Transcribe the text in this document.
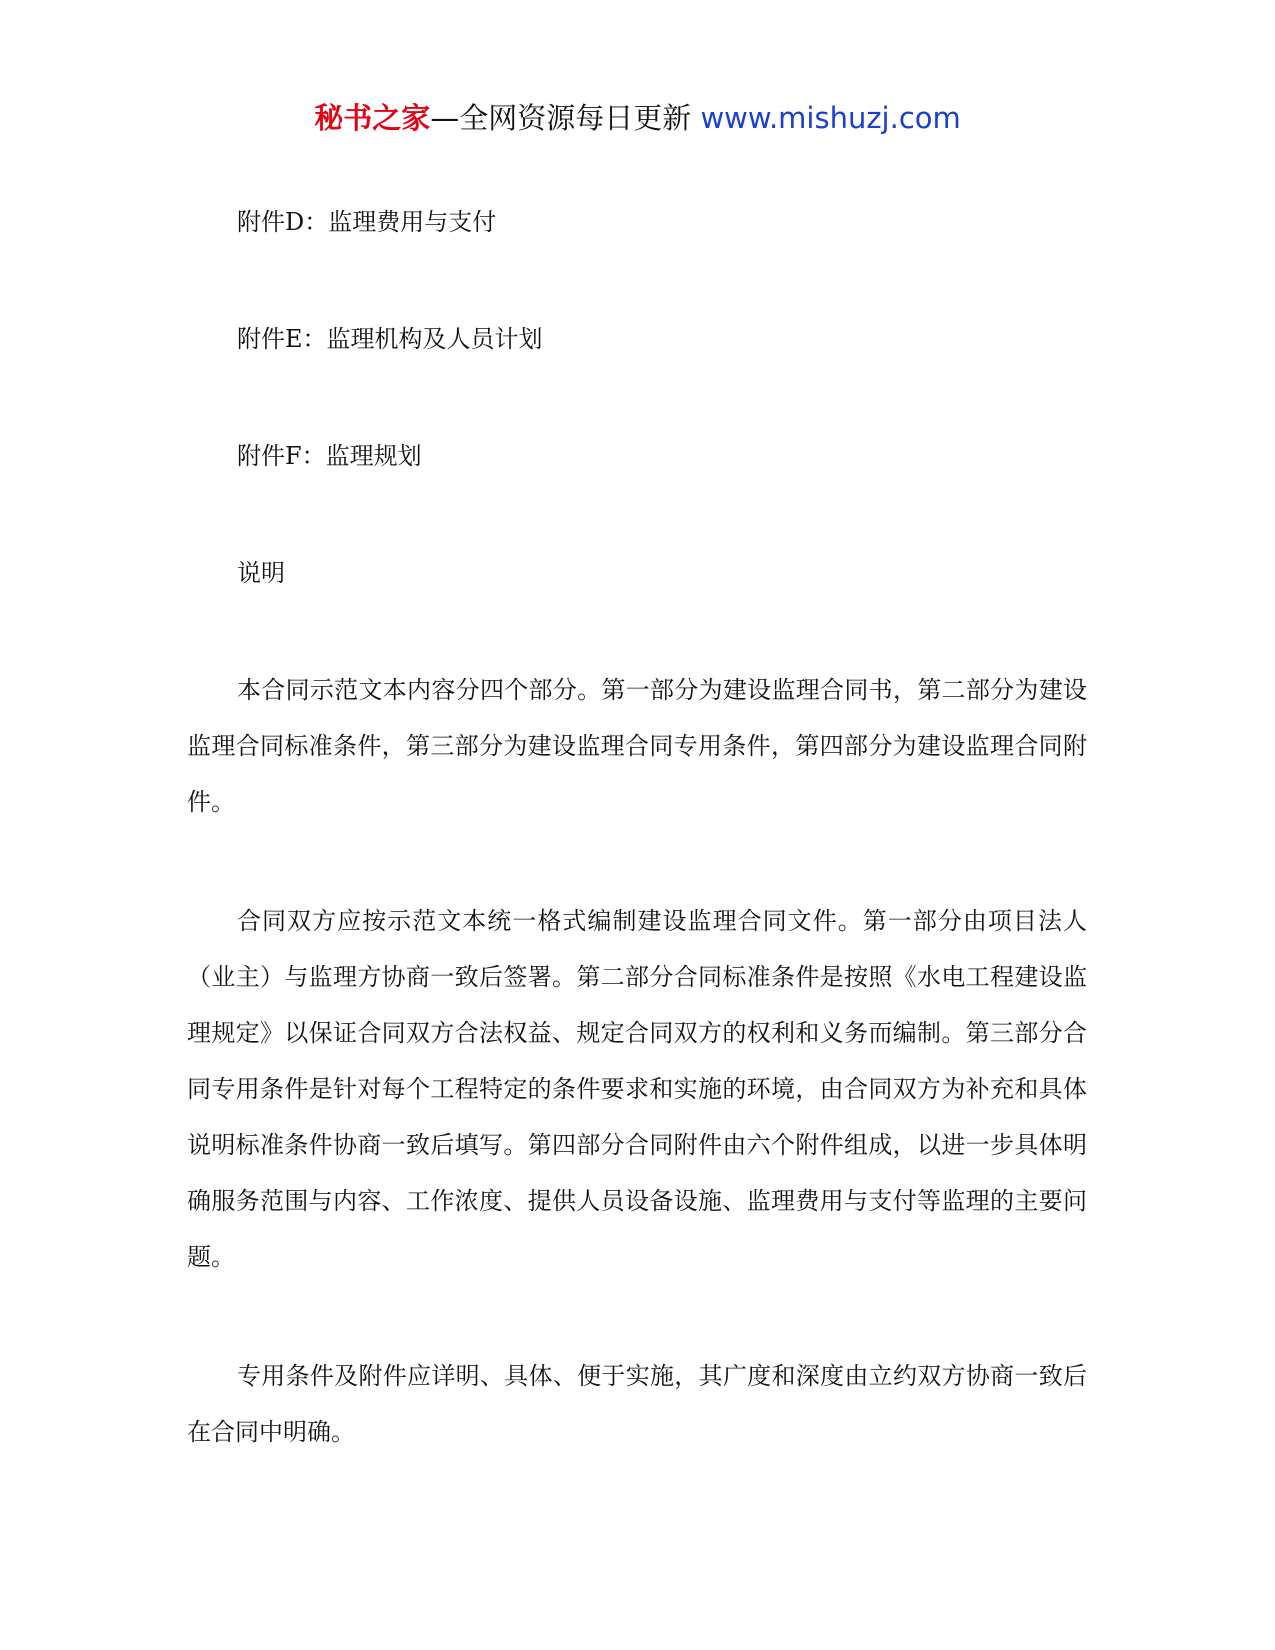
秘书之家—全网资源每日更新 www.mishuzj.com

附件D：监理费用与支付

附件E：监理机构及人员计划

附件F：监理规划

说明

本合同示范文本内容分四个部分。第一部分为建设监理合同书，第二部分为建设监理合同标准条件，第三部分为建设监理合同专用条件，第四部分为建设监理合同附件。

合同双方应按示范文本统一格式编制建设监理合同文件。第一部分由项目法人（业主）与监理方协商一致后签署。第二部分合同标准条件是按照《水电工程建设监理规定》以保证合同双方合法权益、规定合同双方的权利和义务而编制。第三部分合同专用条件是针对每个工程特定的条件要求和实施的环境，由合同双方为补充和具体说明标准条件协商一致后填写。第四部分合同附件由六个附件组成，以进一步具体明确服务范围与内容、工作浓度、提供人员设备设施、监理费用与支付等监理的主要问题。

专用条件及附件应详明、具体、便于实施，其广度和深度由立约双方协商一致后在合同中明确。
